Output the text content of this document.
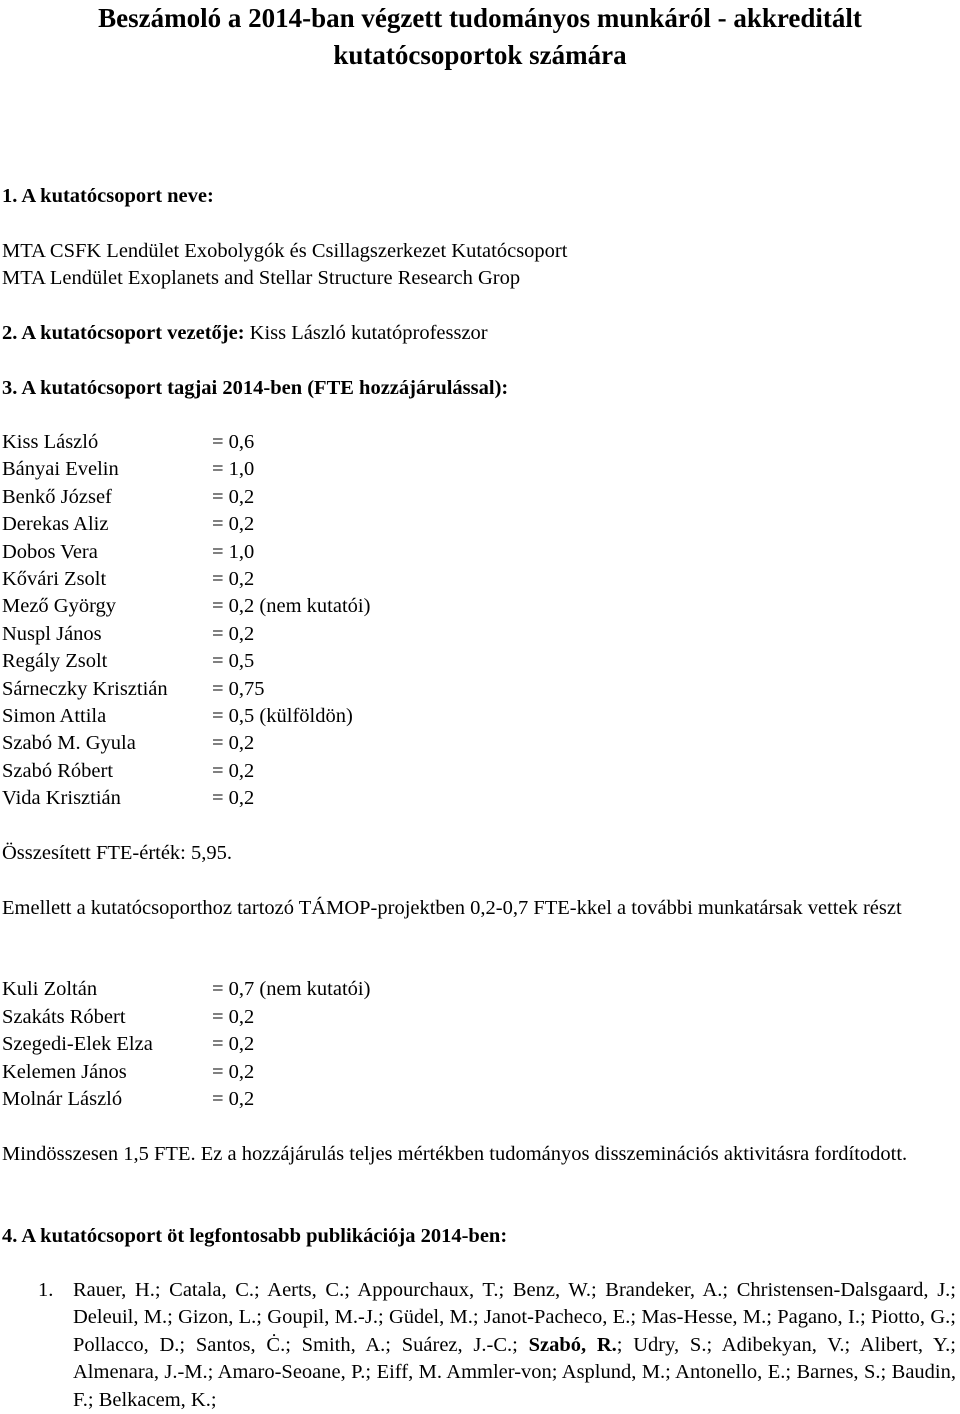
Beszámoló a 2014-ban végzett tudományos munkáról - akkreditált
kutatócsoportok számára
1. A kutatócsoport neve:
MTA CSFK Lendület Exobolygók és Csillagszerkezet Kutatócsoport
MTA Lendület Exoplanets and Stellar Structure Research Grop
2. A kutatócsoport vezetője: Kiss László kutatóprofesszor
3. A kutatócsoport tagjai 2014-ben (FTE hozzájárulással):
Kiss László	= 0,6
Bányai Evelin	= 1,0
Benkő József	= 0,2
Derekas Aliz	= 0,2
Dobos Vera	= 1,0
Kővári Zsolt	= 0,2
Mező György	= 0,2 (nem kutatói)
Nuspl János	= 0,2
Regály Zsolt	= 0,5
Sárneczky Krisztián = 0,75
Simon Attila	= 0,5 (külföldön)
Szabó M. Gyula	= 0,2
Szabó Róbert	= 0,2
Vida Krisztián	= 0,2
Összesített FTE-érték: 5,95.
Emellett a kutatócsoporthoz tartozó TÁMOP-projektben 0,2-0,7 FTE-kkel a további munkatársak vettek részt
Kuli Zoltán	= 0,7 (nem kutatói)
Szakáts Róbert	= 0,2
Szegedi-Elek Elza	= 0,2
Kelemen János	= 0,2
Molnár László	= 0,2
Mindösszesen 1,5 FTE. Ez a hozzájárulás teljes mértékben tudományos disszeminációs aktivitásra fordítodott.
4. A kutatócsoport öt legfontosabb publikációja 2014-ben:
1. Rauer, H.; Catala, C.; Aerts, C.; Appourchaux, T.; Benz, W.; Brandeker, A.; Christensen-Dalsgaard, J.; Deleuil, M.; Gizon, L.; Goupil, M.-J.; Güdel, M.; Janot-Pacheco, E.; Mas-Hesse, M.; Pagano, I.; Piotto, G.; Pollacco, D.; Santos, Ċ.; Smith, A.; Suárez, J.-C.; Szabó, R.; Udry, S.; Adibekyan, V.; Alibert, Y.; Almenara, J.-M.; Amaro-Seoane, P.; Eiff, M. Ammler-von; Asplund, M.; Antonello, E.; Barnes, S.; Baudin, F.; Belkacem, K.;
